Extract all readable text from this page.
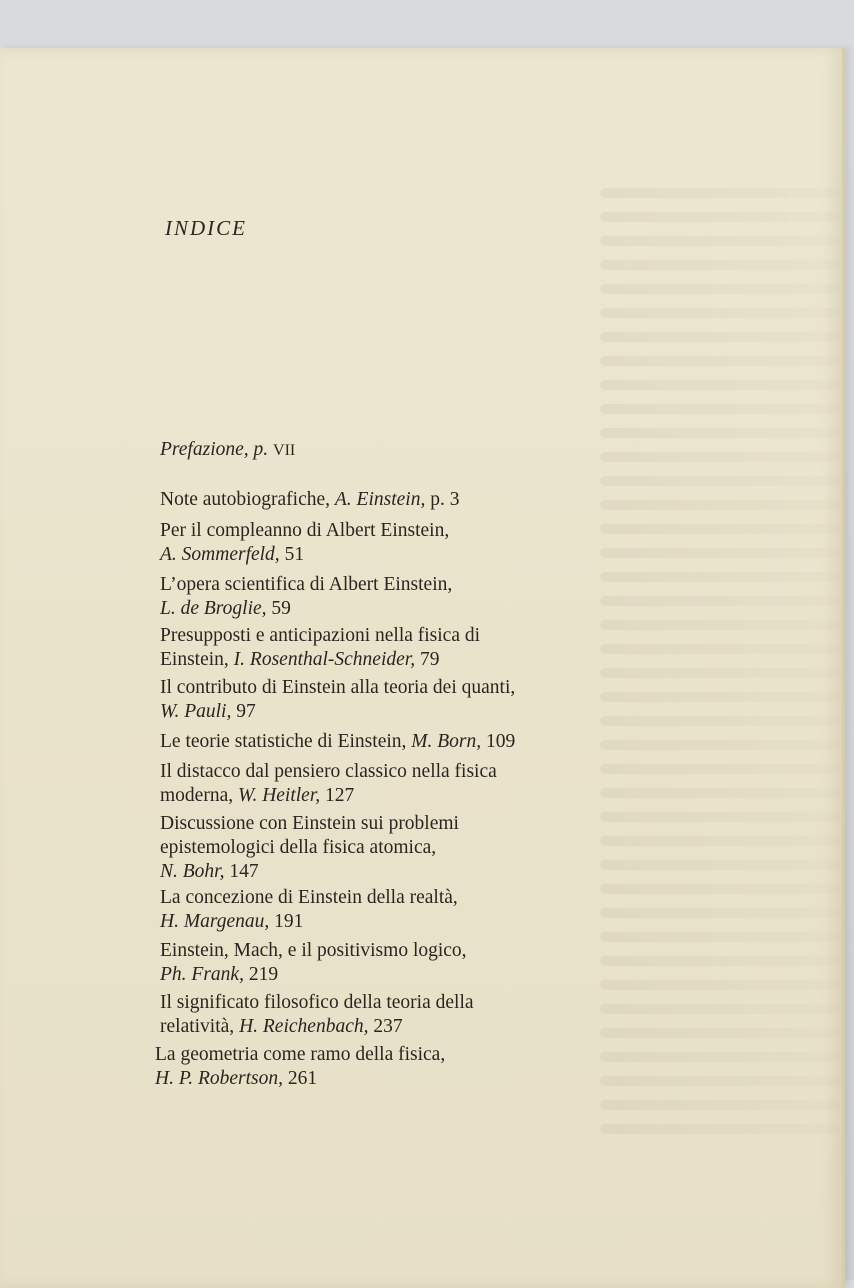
INDICE
Prefazione, p. VII
Note autobiografiche, A. Einstein, p. 3
Per il compleanno di Albert Einstein,
A. Sommerfeld, 51
L’opera scientifica di Albert Einstein,
L. de Broglie, 59
Presupposti e anticipazioni nella fisica di
Einstein, I. Rosenthal-Schneider, 79
Il contributo di Einstein alla teoria dei quanti,
W. Pauli, 97
Le teorie statistiche di Einstein, M. Born, 109
Il distacco dal pensiero classico nella fisica
moderna, W. Heitler, 127
Discussione con Einstein sui problemi
epistemologici della fisica atomica,
N. Bohr, 147
La concezione di Einstein della realtà,
H. Margenau, 191
Einstein, Mach, e il positivismo logico,
Ph. Frank, 219
Il significato filosofico della teoria della
relatività, H. Reichenbach, 237
La geometria come ramo della fisica,
H. P. Robertson, 261
